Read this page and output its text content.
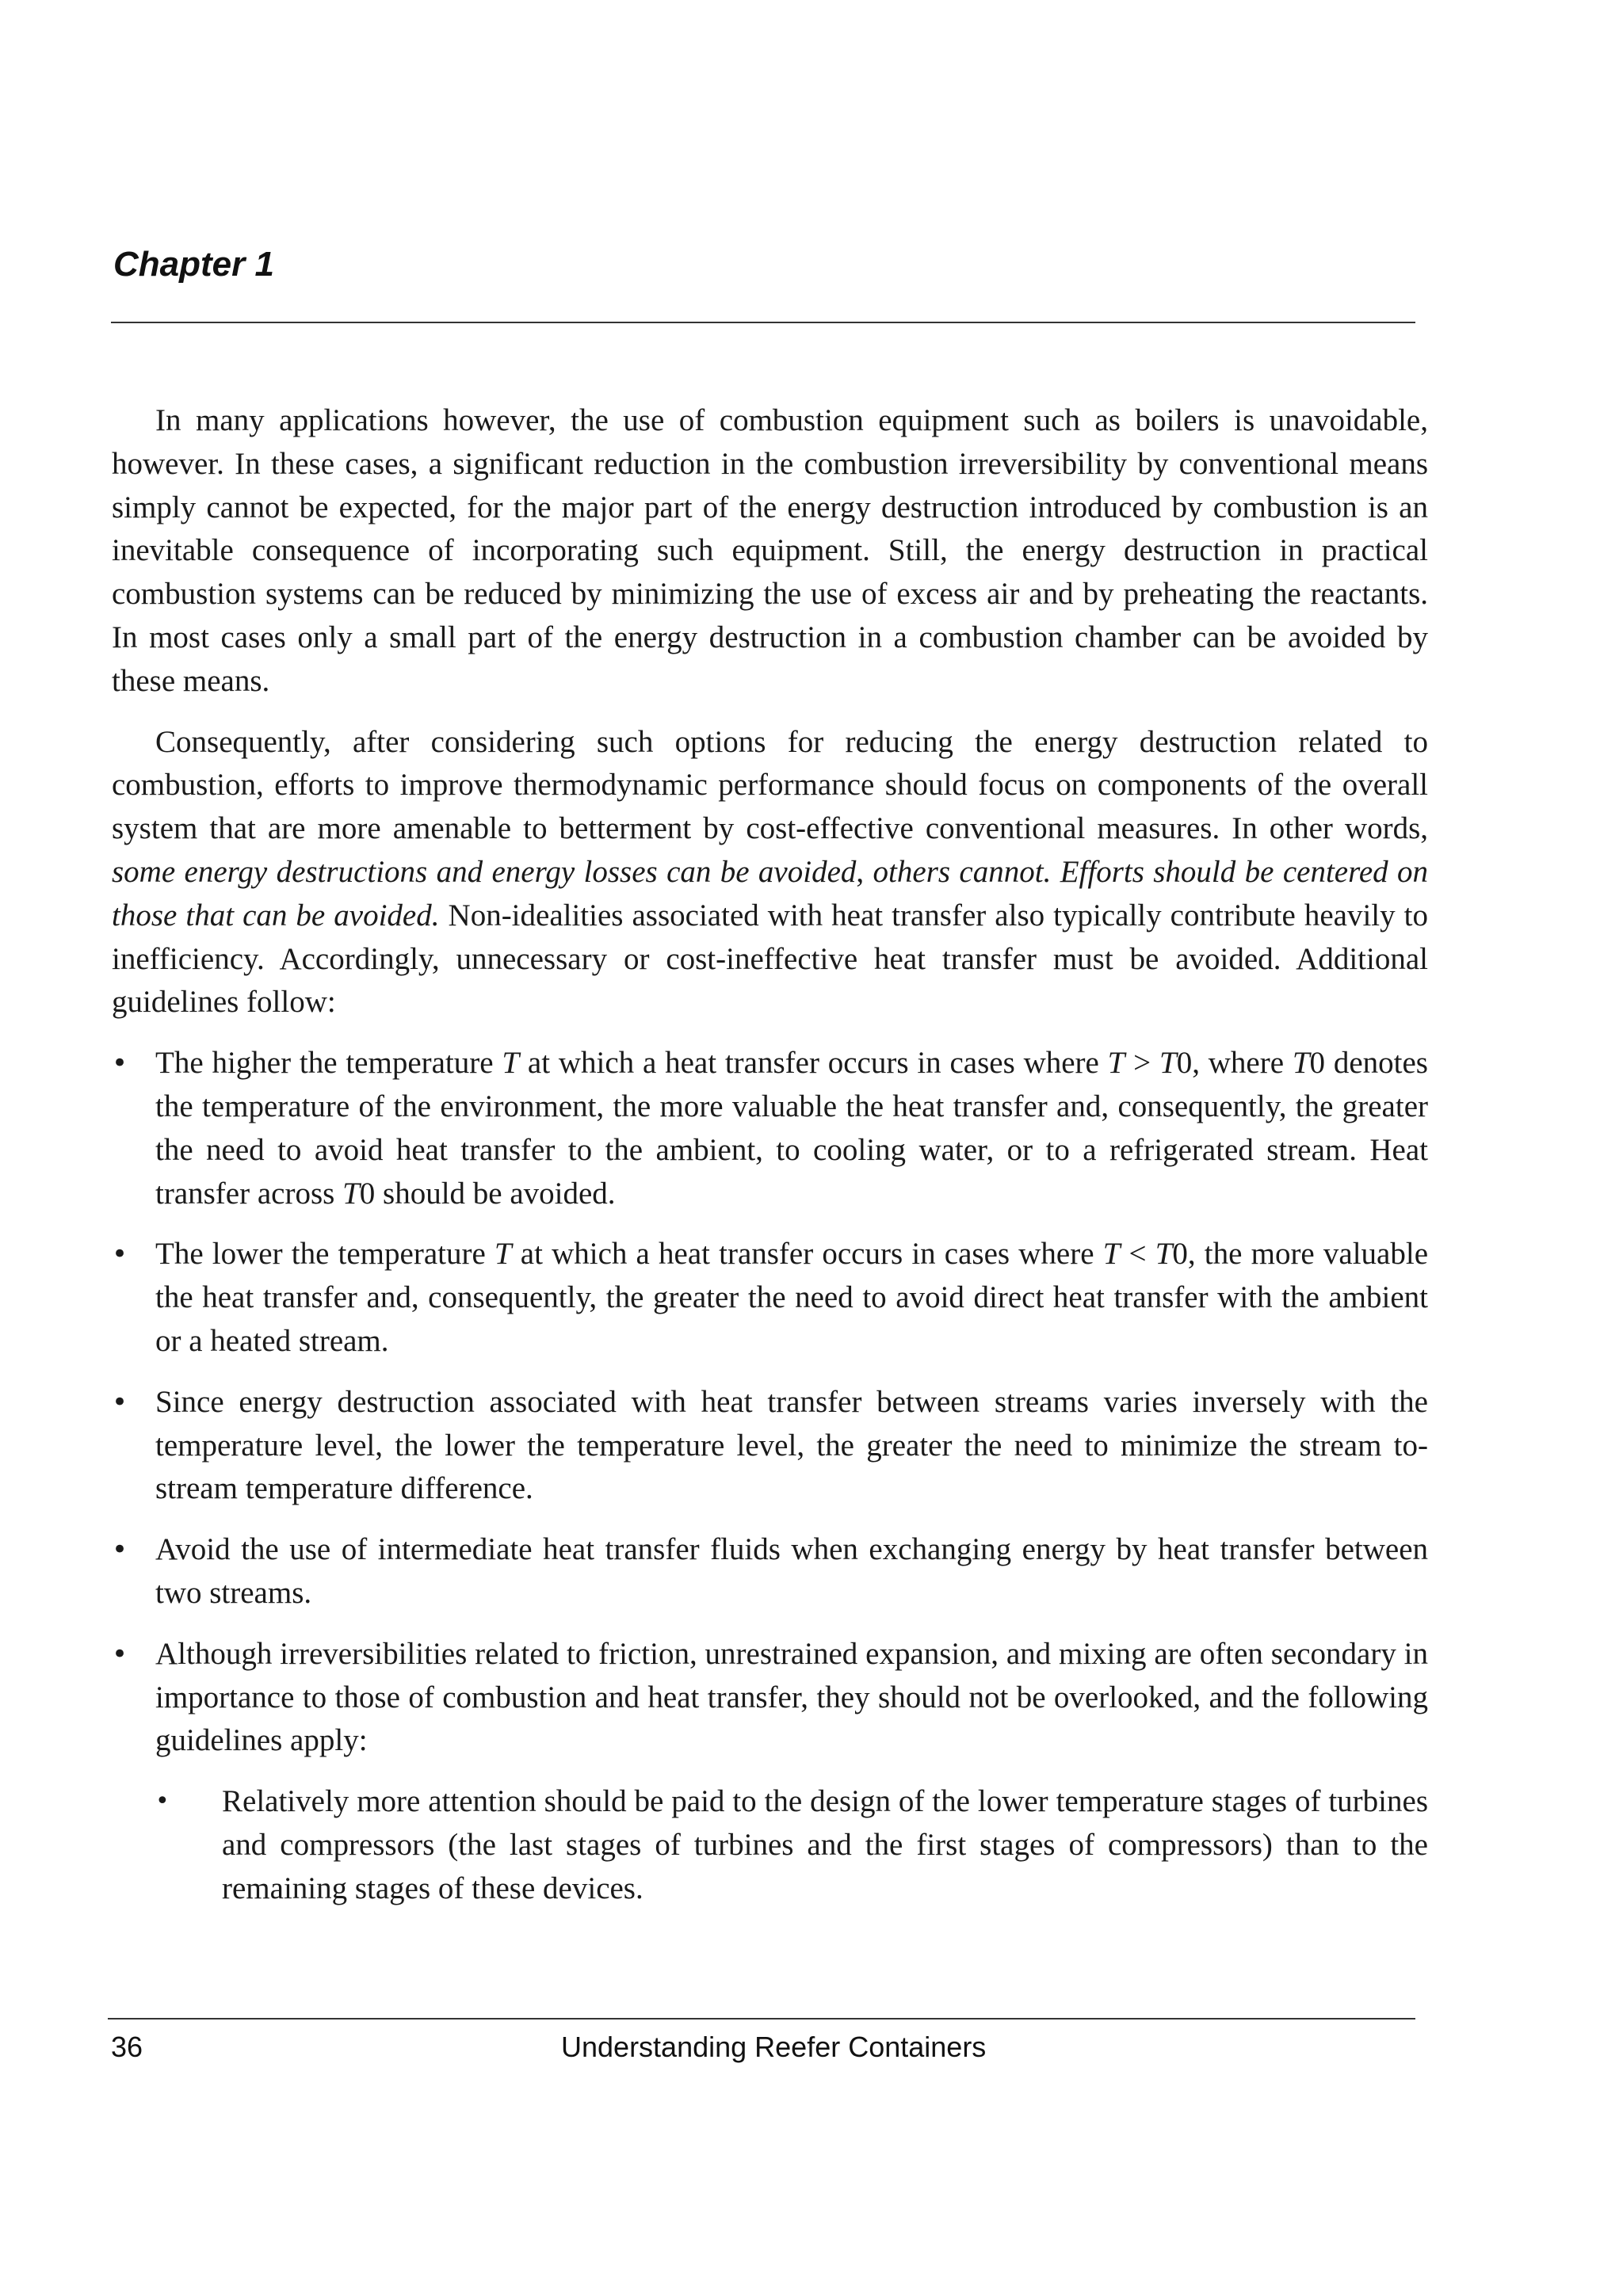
Chapter 1

In many applications however, the use of combustion equipment such as boilers is unavoidable, however. In these cases, a significant reduction in the combustion irreversibility by conventional means simply cannot be expected, for the major part of the energy destruction introduced by combustion is an inevitable consequence of incorporating such equipment. Still, the energy destruction in practical combustion systems can be reduced by minimizing the use of excess air and by preheating the reactants. In most cases only a small part of the energy destruction in a combustion chamber can be avoided by these means.

Consequently, after considering such options for reducing the energy destruction related to combustion, efforts to improve thermodynamic performance should focus on components of the overall system that are more amenable to betterment by cost-effective conventional measures. In other words, some energy destructions and energy losses can be avoided, others cannot. Efforts should be centered on those that can be avoided. Non-idealities associated with heat transfer also typically contribute heavily to inefficiency. Accordingly, unnecessary or cost-ineffective heat transfer must be avoided. Additional guidelines follow:

• The higher the temperature T at which a heat transfer occurs in cases where T > T0, where T0 denotes the temperature of the environment, the more valuable the heat transfer and, consequently, the greater the need to avoid heat transfer to the ambient, to cooling water, or to a refrigerated stream. Heat transfer across T0 should be avoided.
• The lower the temperature T at which a heat transfer occurs in cases where T < T0, the more valuable the heat transfer and, consequently, the greater the need to avoid direct heat transfer with the ambient or a heated stream.
• Since energy destruction associated with heat transfer between streams varies inversely with the temperature level, the lower the temperature level, the greater the need to minimize the stream to-stream temperature difference.
• Avoid the use of intermediate heat transfer fluids when exchanging energy by heat transfer between two streams.
• Although irreversibilities related to friction, unrestrained expansion, and mixing are often secondary in importance to those of combustion and heat transfer, they should not be overlooked, and the following guidelines apply:
• Relatively more attention should be paid to the design of the lower temperature stages of turbines and compressors (the last stages of turbines and the first stages of compressors) than to the remaining stages of these devices.
36	Understanding Reefer Containers
